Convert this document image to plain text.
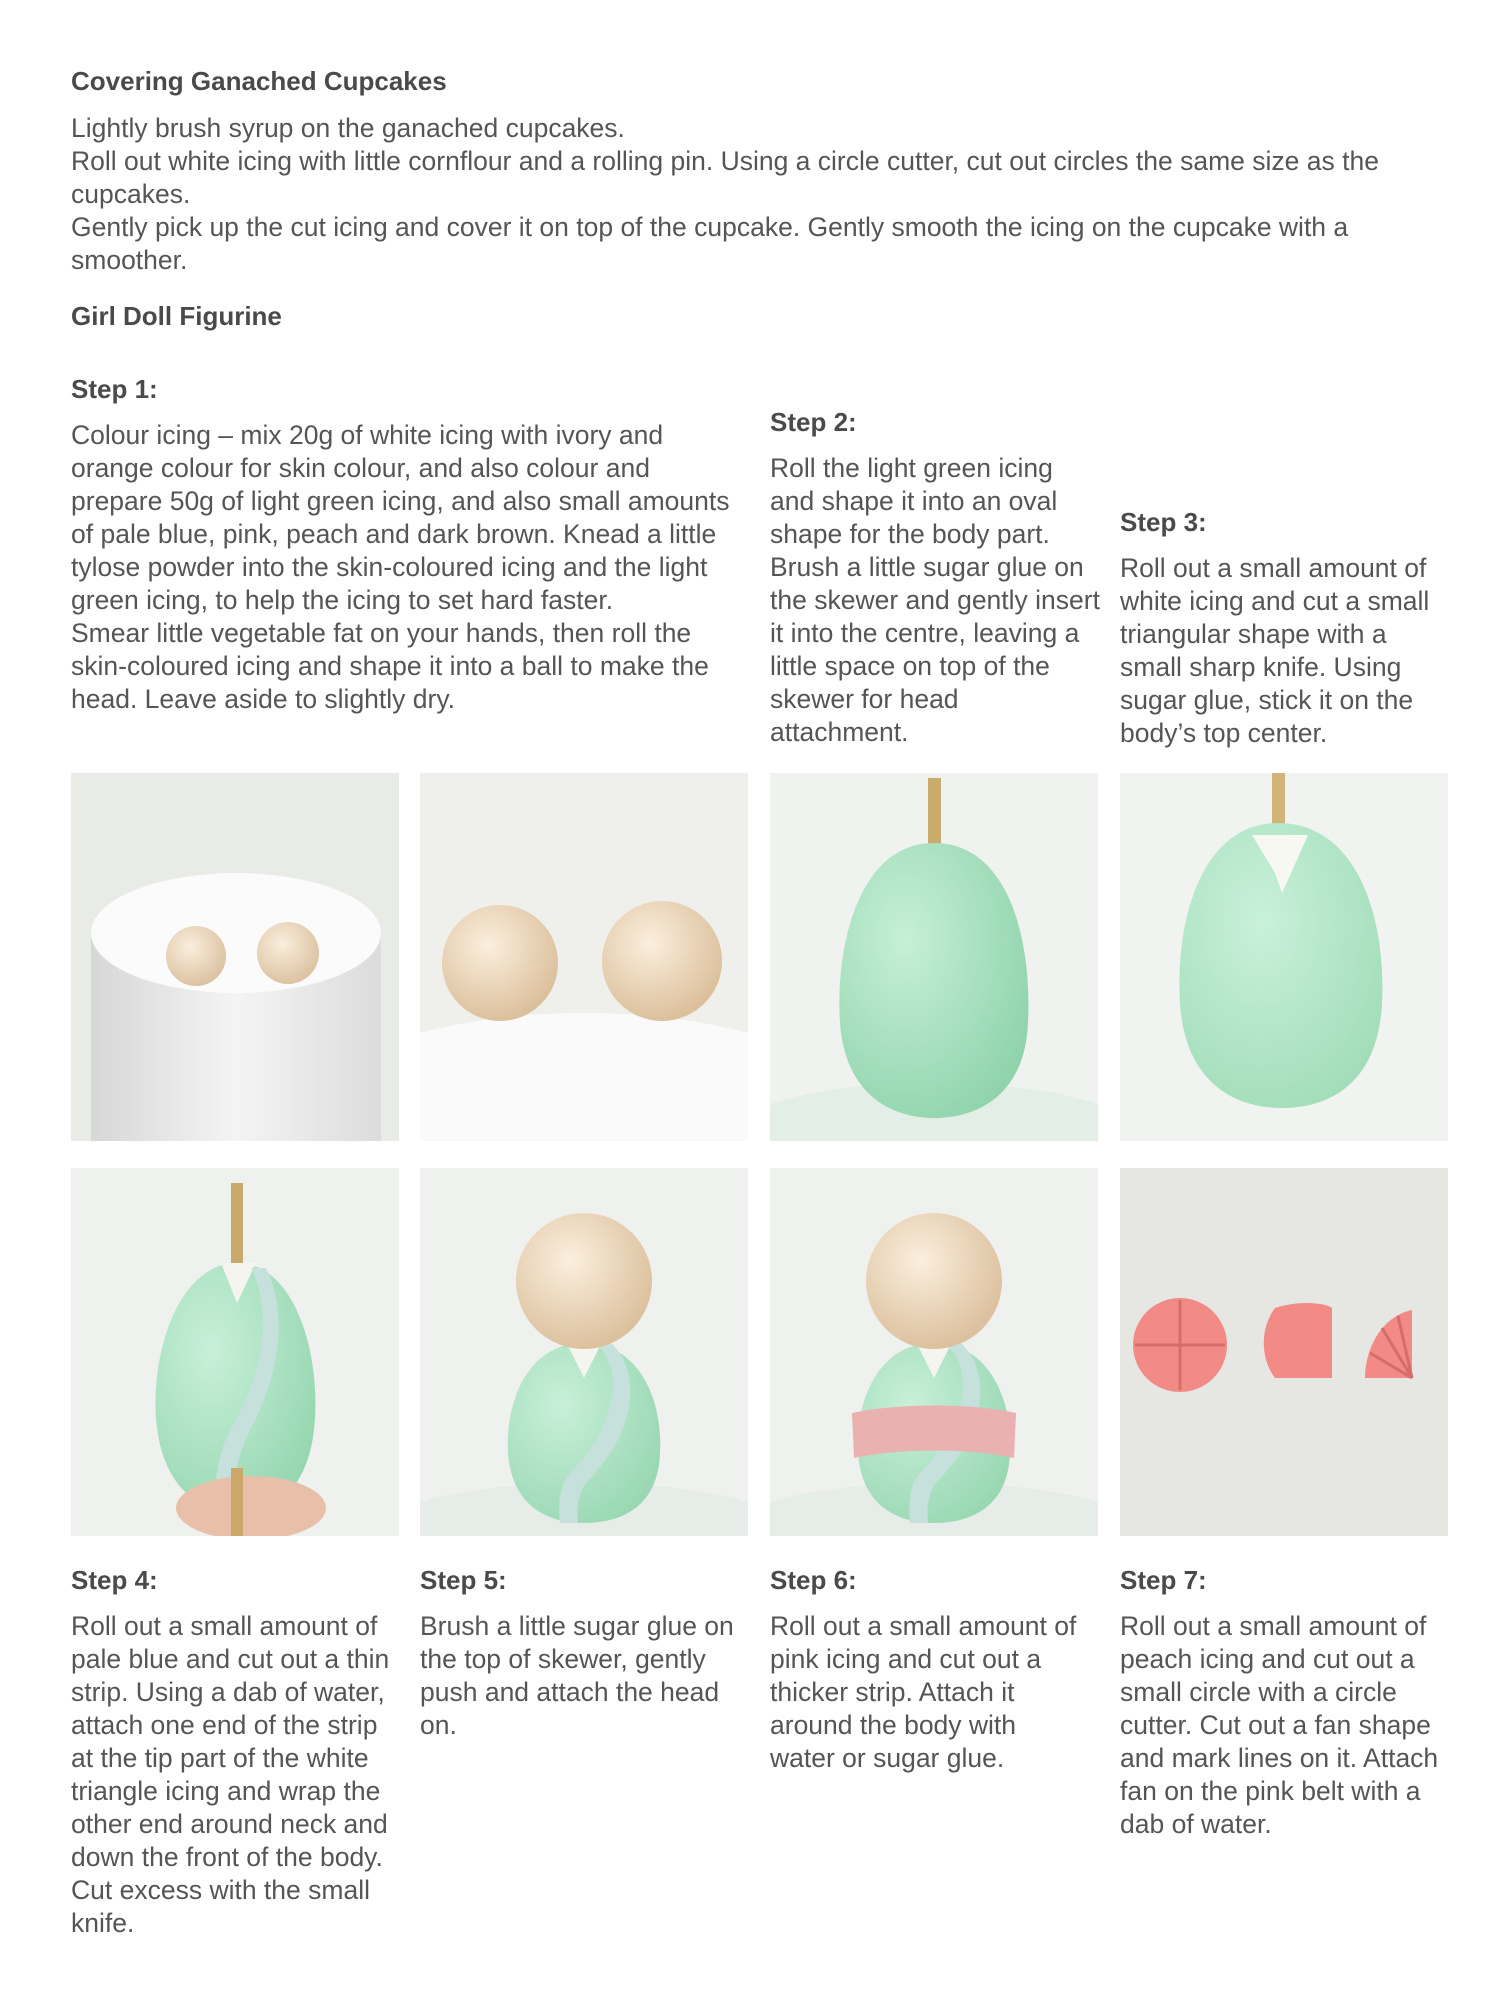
Covering Ganached Cupcakes
Lightly brush syrup on the ganached cupcakes.
Roll out white icing with little cornflour and a rolling pin. Using a circle cutter, cut out circles the same size as the cupcakes.
Gently pick up the cut icing and cover it on top of the cupcake. Gently smooth the icing on the cupcake with a smoother.
Girl Doll Figurine
Step 1:
Colour icing – mix 20g of white icing with ivory and orange colour for skin colour, and also colour and prepare 50g of light green icing, and also small amounts of pale blue, pink, peach and dark brown. Knead a little tylose powder into the skin-coloured icing and the light green icing, to help the icing to set hard faster.
Smear little vegetable fat on your hands, then roll the skin-coloured icing and shape it into a ball to make the head. Leave aside to slightly dry.
Step 2:
Roll the light green icing and shape it into an oval shape for the body part. Brush a little sugar glue on the skewer and gently insert it into the centre, leaving a little space on top of the skewer for head attachment.
Step 3:
Roll out a small amount of white icing and cut a small triangular shape with a small sharp knife. Using sugar glue, stick it on the body’s top center.
Step 4:
Roll out a small amount of pale blue and cut out a thin strip. Using a dab of water, attach one end of the strip at the tip part of the white triangle icing and wrap the other end around neck and down the front of the body. Cut excess with the small knife.
Step 5:
Brush a little sugar glue on the top of skewer, gently push and attach the head on.
Step 6:
Roll out a small amount of pink icing and cut out a thicker strip. Attach it around the body with water or sugar glue.
Step 7:
Roll out a small amount of peach icing and cut out a small circle with a circle cutter. Cut out a fan shape and mark lines on it. Attach fan on the pink belt with a dab of water.
